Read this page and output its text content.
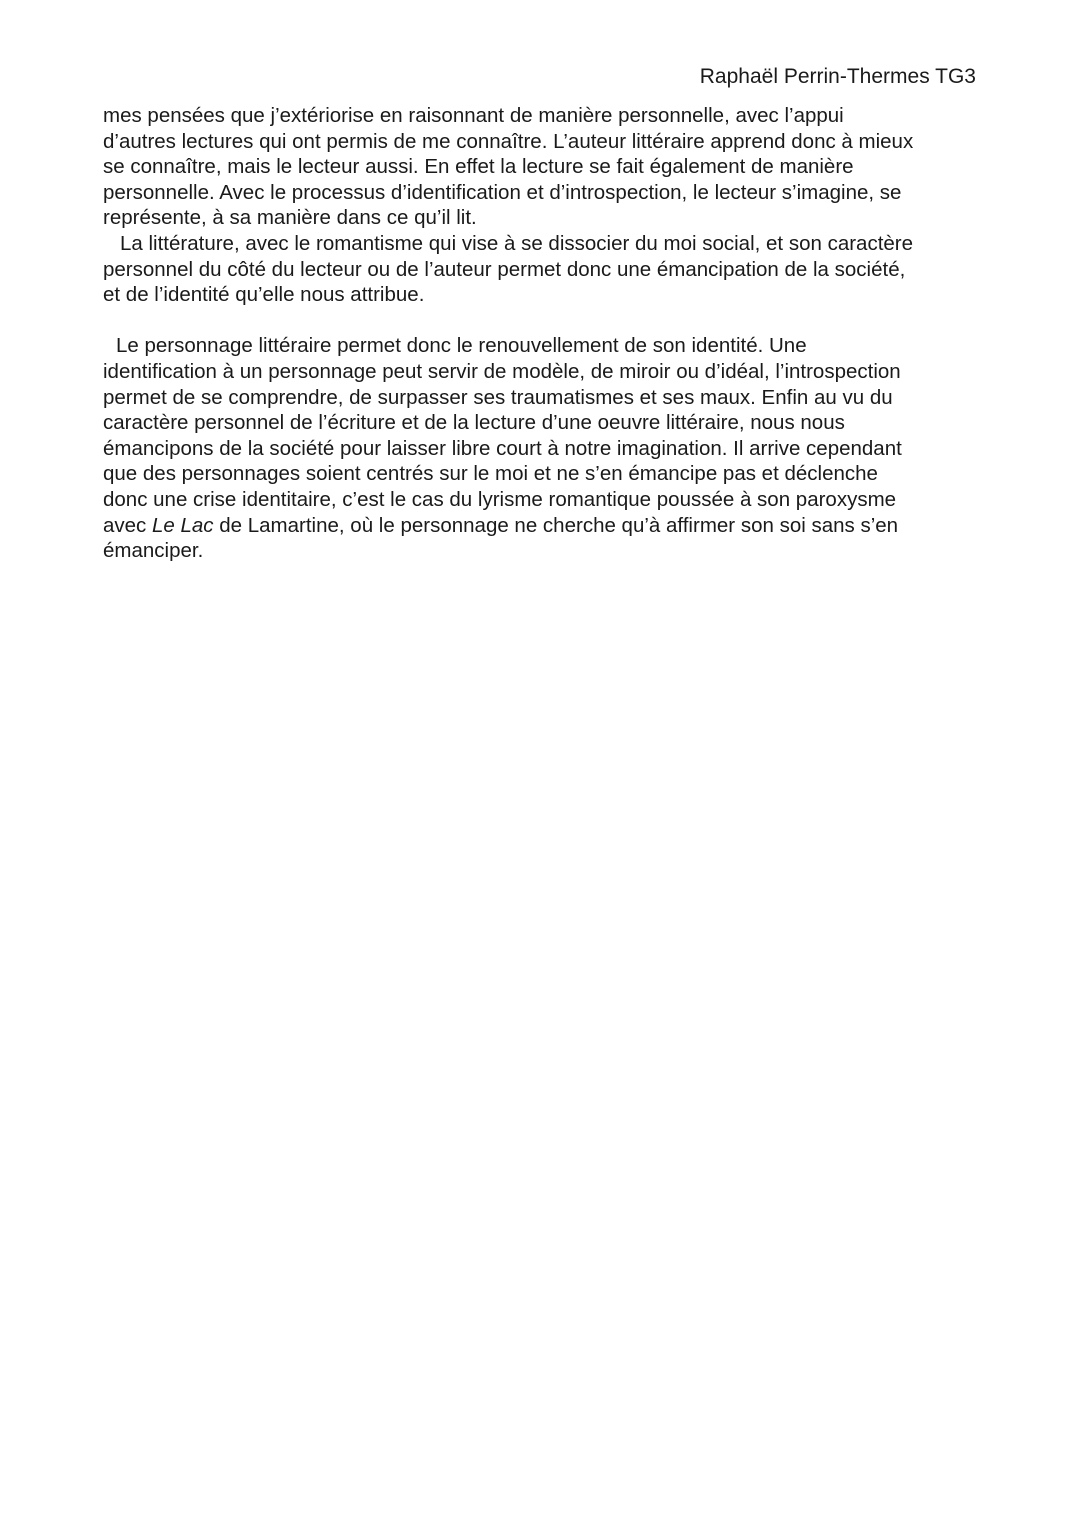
Raphaël Perrin-Thermes TG3

mes pensées que j’extériorise en raisonnant de manière personnelle, avec l’appui
d’autres lectures qui ont permis de me connaître. L’auteur littéraire apprend donc à mieux
se connaître, mais le lecteur aussi. En effet la lecture se fait également de manière
personnelle. Avec le processus d’identification et d’introspection, le lecteur s’imagine, se
représente, à sa manière dans ce qu’il lit.

La littérature, avec le romantisme qui vise à se dissocier du moi social, et son caractère
personnel du côté du lecteur ou de l’auteur permet donc une émancipation de la société,
et de l’identité qu’elle nous attribue.

Le personnage littéraire permet donc le renouvellement de son identité. Une
identification à un personnage peut servir de modèle, de miroir ou d’idéal, l’introspection
permet de se comprendre, de surpasser ses traumatismes et ses maux. Enfin au vu du
caractère personnel de l’écriture et de la lecture d’une oeuvre littéraire, nous nous
émancipons de la société pour laisser libre court à notre imagination. Il arrive cependant
que des personnages soient centrés sur le moi et ne s’en émancipe pas et déclenche
donc une crise identitaire, c’est le cas du lyrisme romantique poussée à son paroxysme
avec Le Lac de Lamartine, où le personnage ne cherche qu’à affirmer son soi sans s’en
émanciper.
